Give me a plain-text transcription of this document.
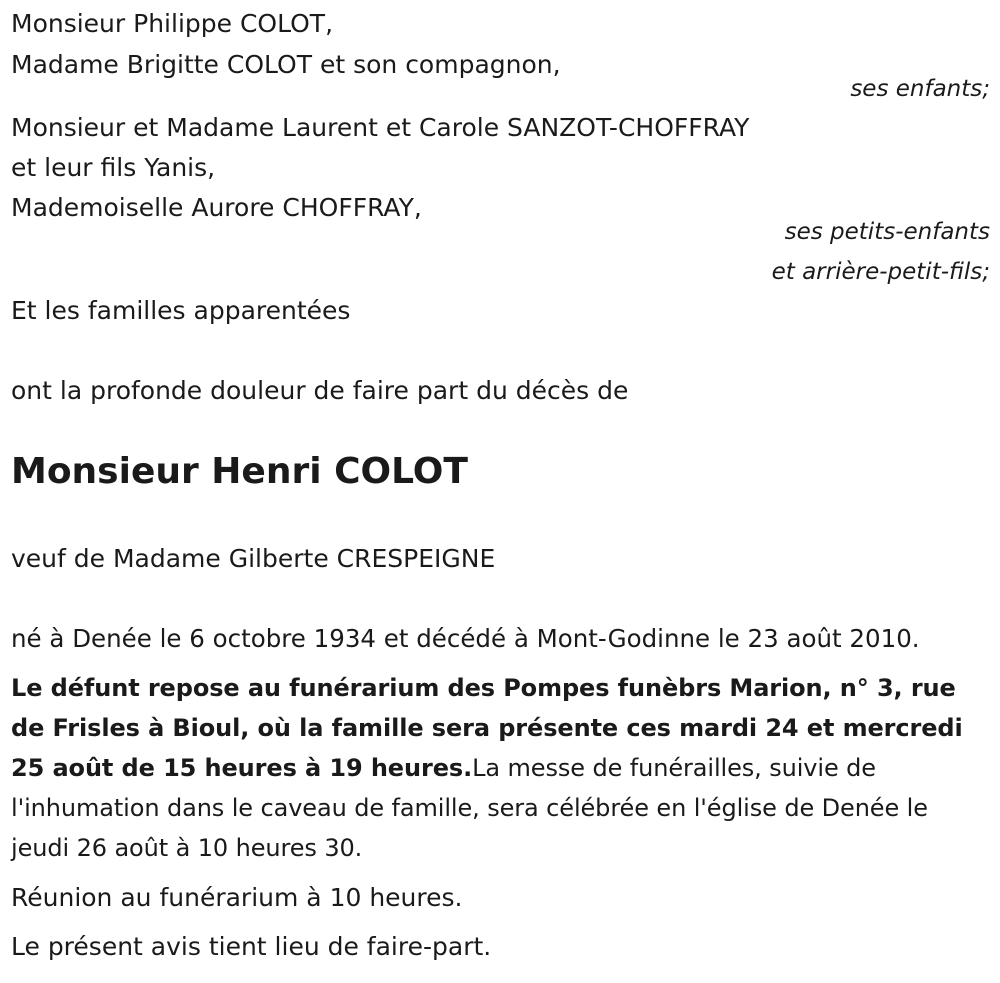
Monsieur Philippe COLOT,
Madame Brigitte COLOT et son compagnon,
ses enfants;
Monsieur et Madame Laurent et Carole SANZOT-CHOFFRAY
et leur fils Yanis,
Mademoiselle Aurore CHOFFRAY,
ses petits-enfants
et arrière-petit-fils;
Et les familles apparentées
ont la profonde douleur de faire part du décès de
Monsieur Henri COLOT
veuf de Madame Gilberte CRESPEIGNE
né à Denée le 6 octobre 1934 et décédé à Mont-Godinne le 23 août 2010.
Le défunt repose au funérarium des Pompes funèbrs Marion, n° 3, rue de Frisles à Bioul, où la famille sera présente ces mardi 24 et mercredi 25 août de 15 heures à 19 heures.La messe de funérailles, suivie de l'inhumation dans le caveau de famille, sera célébrée en l'église de Denée le jeudi 26 août à 10 heures 30.
Réunion au funérarium à 10 heures.
Le présent avis tient lieu de faire-part.
